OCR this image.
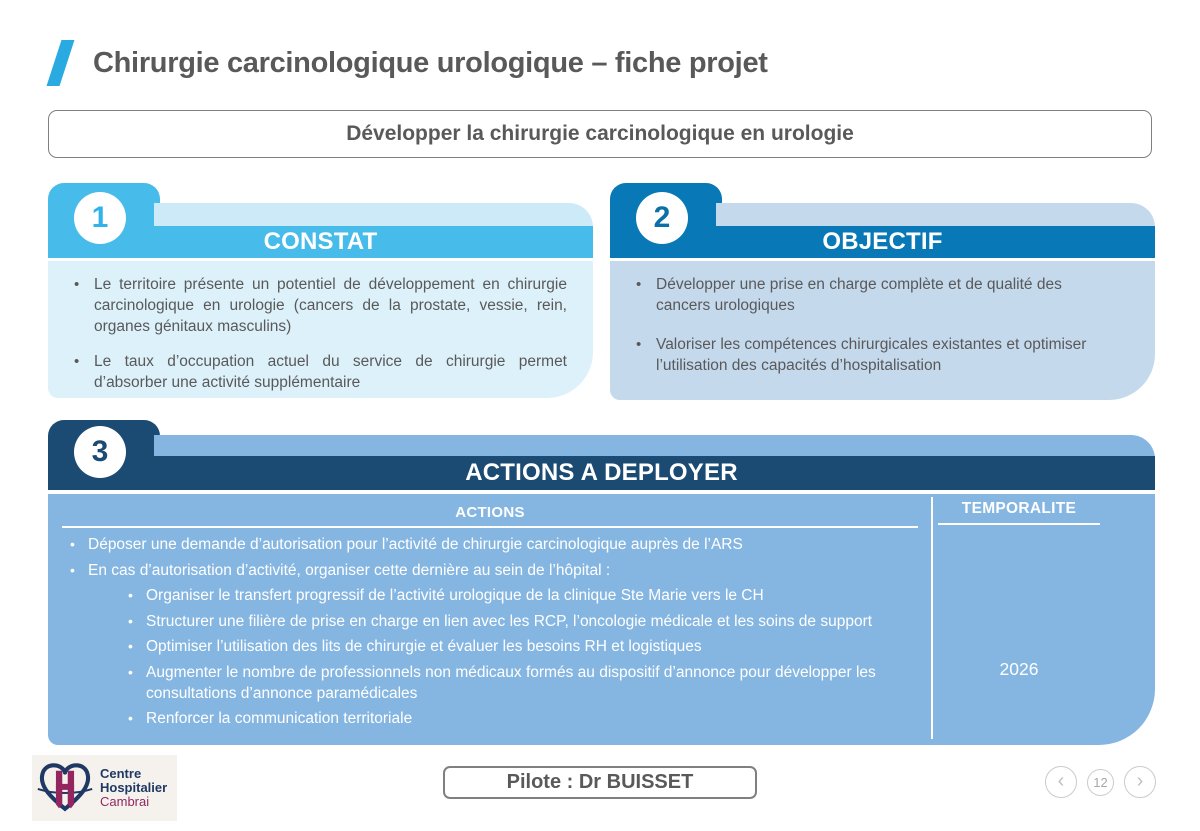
Chirurgie carcinologique urologique – fiche projet
Développer la chirurgie carcinologique en urologie
CONSTAT
1
•
Le territoire présente un potentiel de développement en chirurgie carcinologique en urologie (cancers de la prostate, vessie, rein, organes génitaux masculins)
•
Le taux d’occupation actuel du service de chirurgie permet d’absorber une activité supplémentaire
OBJECTIF
2
•
Développer une prise en charge complète et de qualité des cancers urologiques
•
Valoriser les compétences chirurgicales existantes et optimiser l’utilisation des capacités d’hospitalisation
ACTIONS A DEPLOYER
3
ACTIONS	TEMPORALITE
•
Déposer une demande d’autorisation pour l’activité de chirurgie carcinologique auprès de l’ARS
•
En cas d’autorisation d’activité, organiser cette dernière au sein de l’hôpital :
•
Organiser le transfert progressif de l’activité urologique de la clinique Ste Marie vers le CH
•
Structurer une filière de prise en charge en lien avec les RCP, l’oncologie médicale et les soins de support
•
Optimiser l’utilisation des lits de chirurgie et évaluer les besoins RH et logistiques
•
Augmenter le nombre de professionnels non médicaux formés au dispositif d’annonce pour développer les consultations d’annonce paramédicales
•
Renforcer la communication territoriale
2026
Centre
Hospitalier
Cambrai
Pilote : Dr BUISSET	‹	12	›
